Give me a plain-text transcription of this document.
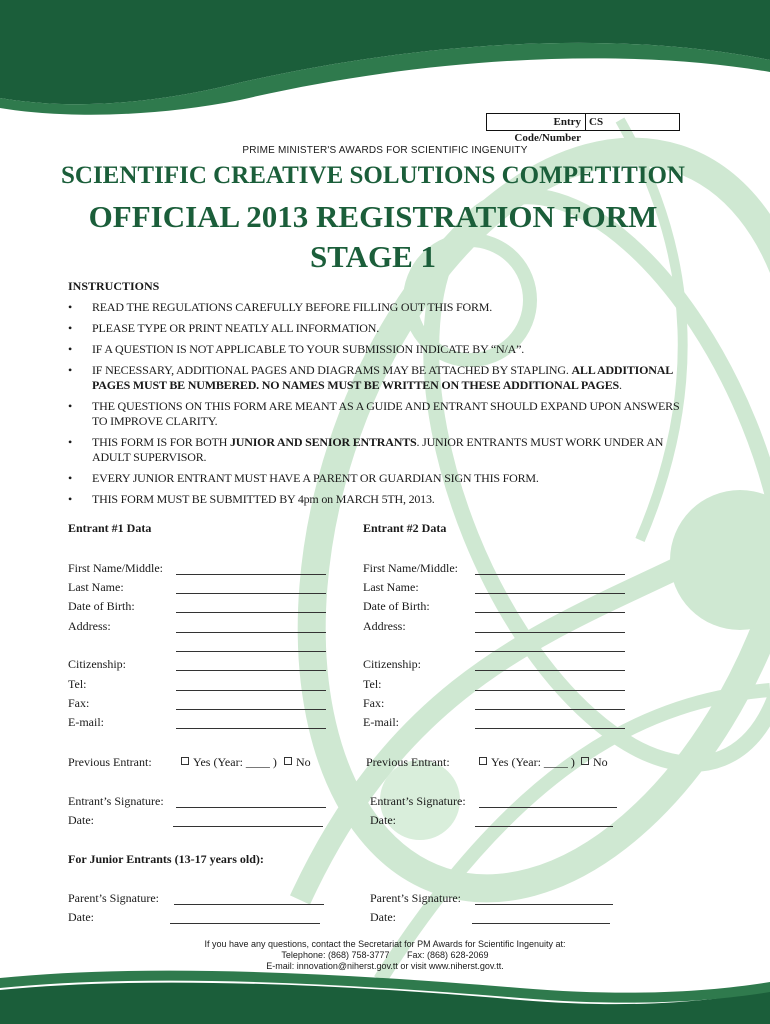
Entry Code/Number
CS
PRIME MINISTER'S AWARDS FOR SCIENTIFIC INGENUITY
SCIENTIFIC CREATIVE SOLUTIONS COMPETITION
OFFICIAL 2013 REGISTRATION FORM
STAGE 1
INSTRUCTIONS
• READ THE REGULATIONS CAREFULLY BEFORE FILLING OUT THIS FORM.
• PLEASE TYPE OR PRINT NEATLY ALL INFORMATION.
• IF A QUESTION IS NOT APPLICABLE TO YOUR SUBMISSION INDICATE BY “N/A”.
• IF NECESSARY, ADDITIONAL PAGES AND DIAGRAMS MAY BE ATTACHED BY STAPLING. ALL ADDITIONAL PAGES MUST BE NUMBERED. NO NAMES MUST BE WRITTEN ON THESE ADDITIONAL PAGES.
• THE QUESTIONS ON THIS FORM ARE MEANT AS A GUIDE AND ENTRANT SHOULD EXPAND UPON ANSWERS TO IMPROVE CLARITY.
• THIS FORM IS FOR BOTH JUNIOR AND SENIOR ENTRANTS. JUNIOR ENTRANTS MUST WORK UNDER AN ADULT SUPERVISOR.
• EVERY JUNIOR ENTRANT MUST HAVE A PARENT OR GUARDIAN SIGN THIS FORM.
• THIS FORM MUST BE SUBMITTED BY 4pm on MARCH 5TH, 2013.
Entrant #1 Data
First Name/Middle:
Last Name:
Date of Birth:
Address:
Citizenship:
Tel:
Fax:
E-mail:
Previous Entrant:	Yes (Year: ____ )	No
Entrant’s Signature:
Date:
Entrant #2 Data
First Name/Middle:
Last Name:
Date of Birth:
Address:
Citizenship:
Tel:
Fax:
E-mail:
Previous Entrant:	Yes (Year: ____ )	No
Entrant’s Signature:
Date:
For Junior Entrants (13-17 years old):
Parent’s Signature:
Date:
Parent’s Signature:
Date:
If you have any questions, contact the Secretariat for PM Awards for Scientific Ingenuity at:
Telephone: (868) 758-3777       Fax: (868) 628-2069
E-mail: innovation@niherst.gov.tt or visit www.niherst.gov.tt.
